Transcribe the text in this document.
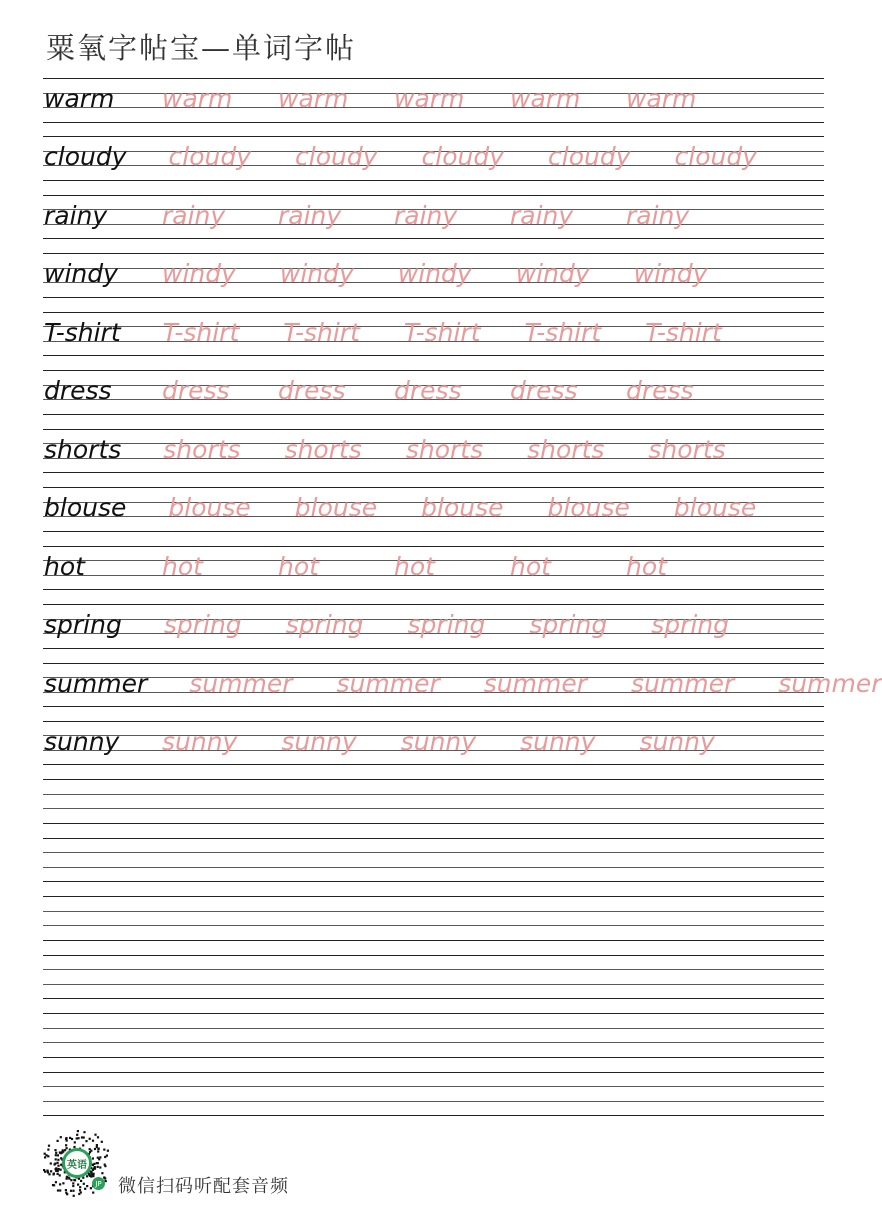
粟氧字帖宝—单词字帖
warm warm warm warm warm warm
cloudy cloudy cloudy cloudy cloudy cloudy
rainy rainy rainy rainy rainy rainy
windy windy windy windy windy windy
T-shirt T-shirt T-shirt T-shirt T-shirt T-shirt
dress dress dress dress dress dress
shorts shorts shorts shorts shorts shorts
blouse blouse blouse blouse blouse blouse
hot	hot	hot	hot	hot	hot
spring spring spring spring spring spring
summer summer summer summer summer summer
sunny sunny sunny sunny sunny sunny
英语
JP 微信扫码听配套音频
